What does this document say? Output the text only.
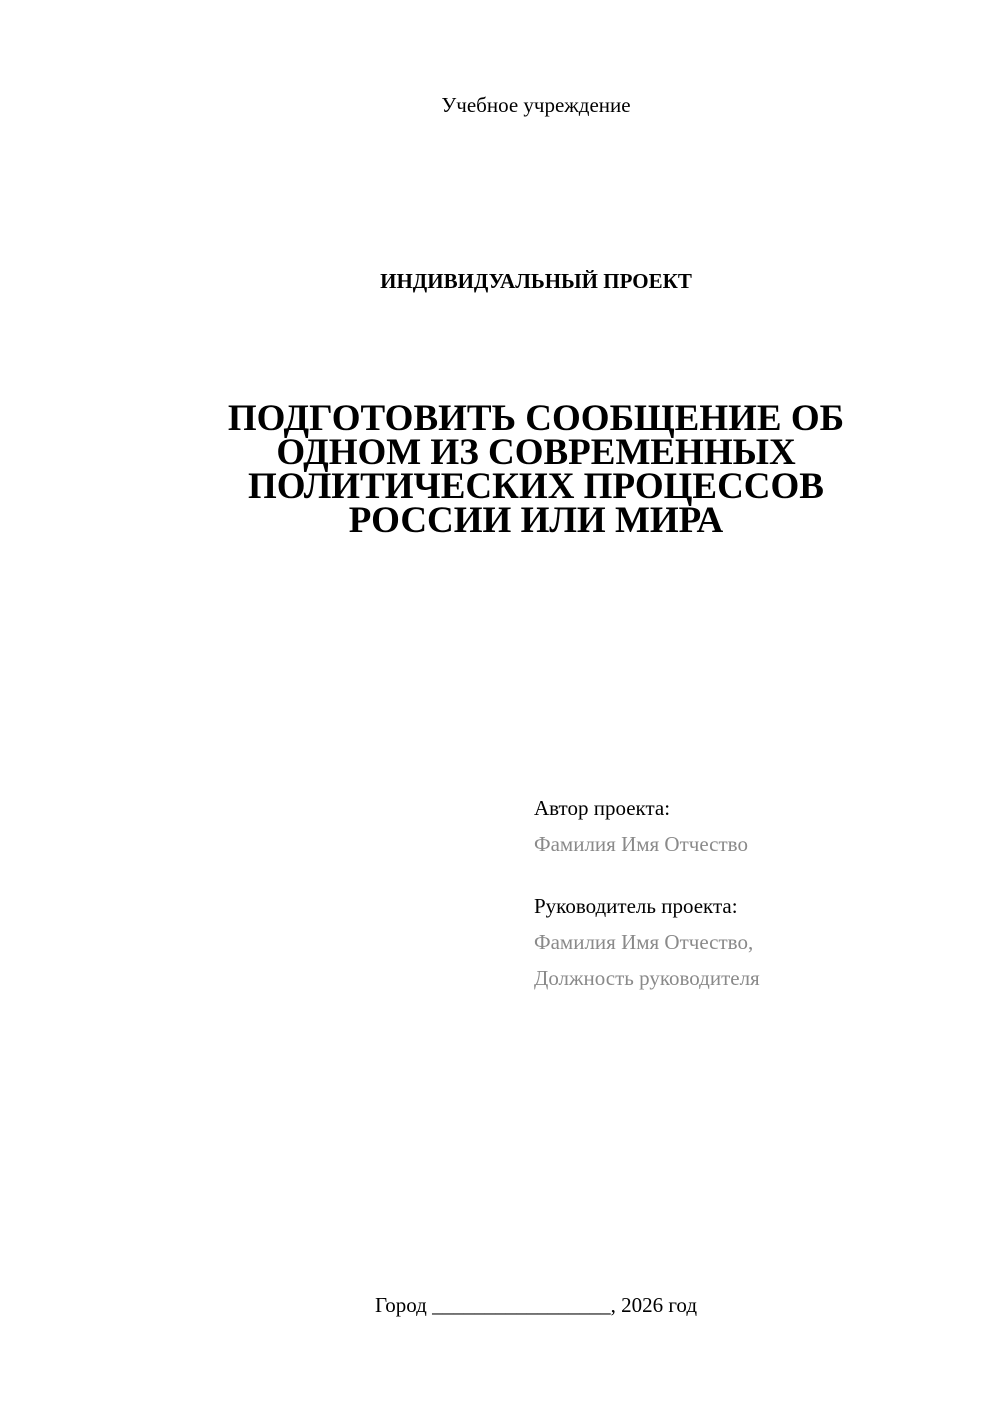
Учебное учреждение
ИНДИВИДУАЛЬНЫЙ ПРОЕКТ
ПОДГОТОВИТЬ СООБЩЕНИЕ ОБ
ОДНОМ ИЗ СОВРЕМЕННЫХ
ПОЛИТИЧЕСКИХ ПРОЦЕССОВ
РОССИИ ИЛИ МИРА
Автор проекта:
Фамилия Имя Отчество
Руководитель проекта:
Фамилия Имя Отчество,
Должность руководителя
Город _________________, 2026 год
